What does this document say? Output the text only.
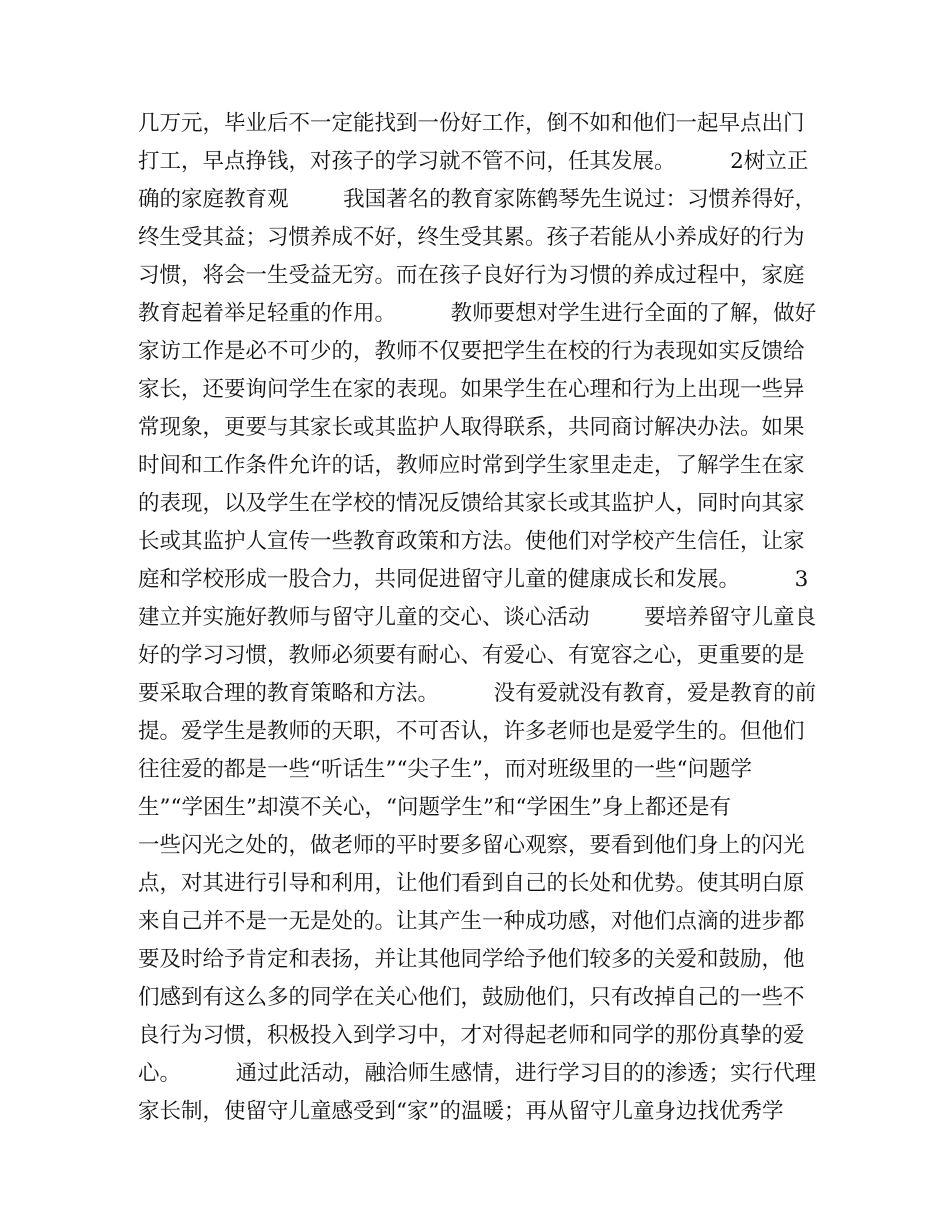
几万元，毕业后不一定能找到一份好工作，倒不如和他们一起早点出门
打工，早点挣钱，对孩子的学习就不管不问，任其发展。        2树立正
确的家庭教育观        我国著名的教育家陈鹤琴先生说过：习惯养得好，
终生受其益；习惯养成不好，终生受其累。孩子若能从小养成好的行为
习惯，将会一生受益无穷。而在孩子良好行为习惯的养成过程中，家庭
教育起着举足轻重的作用。        教师要想对学生进行全面的了解，做好
家访工作是必不可少的，教师不仅要把学生在校的行为表现如实反馈给
家长，还要询问学生在家的表现。如果学生在心理和行为上出现一些异
常现象，更要与其家长或其监护人取得联系，共同商讨解决办法。如果
时间和工作条件允许的话，教师应时常到学生家里走走，了解学生在家
的表现，以及学生在学校的情况反馈给其家长或其监护人，同时向其家
长或其监护人宣传一些教育政策和方法。使他们对学校产生信任，让家
庭和学校形成一股合力，共同促进留守儿童的健康成长和发展。        3
建立并实施好教师与留守儿童的交心、谈心活动        要培养留守儿童良
好的学习习惯，教师必须要有耐心、有爱心、有宽容之心，更重要的是
要采取合理的教育策略和方法。        没有爱就没有教育，爱是教育的前
提。爱学生是教师的天职，不可否认，许多老师也是爱学生的。但他们
往往爱的都是一些“听话生”“尖子生”，而对班级里的一些“问题学
生”“学困生”却漠不关心，“问题学生”和“学困生”身上都还是有
一些闪光之处的，做老师的平时要多留心观察，要看到他们身上的闪光
点，对其进行引导和利用，让他们看到自己的长处和优势。使其明白原
来自己并不是一无是处的。让其产生一种成功感，对他们点滴的进步都
要及时给予肯定和表扬，并让其他同学给予他们较多的关爱和鼓励，他
们感到有这么多的同学在关心他们，鼓励他们，只有改掉自己的一些不
良行为习惯，积极投入到学习中，才对得起老师和同学的那份真挚的爱
心。        通过此活动，融洽师生感情，进行学习目的的渗透；实行代理
家长制，使留守儿童感受到“家”的温暖；再从留守儿童身边找优秀学
